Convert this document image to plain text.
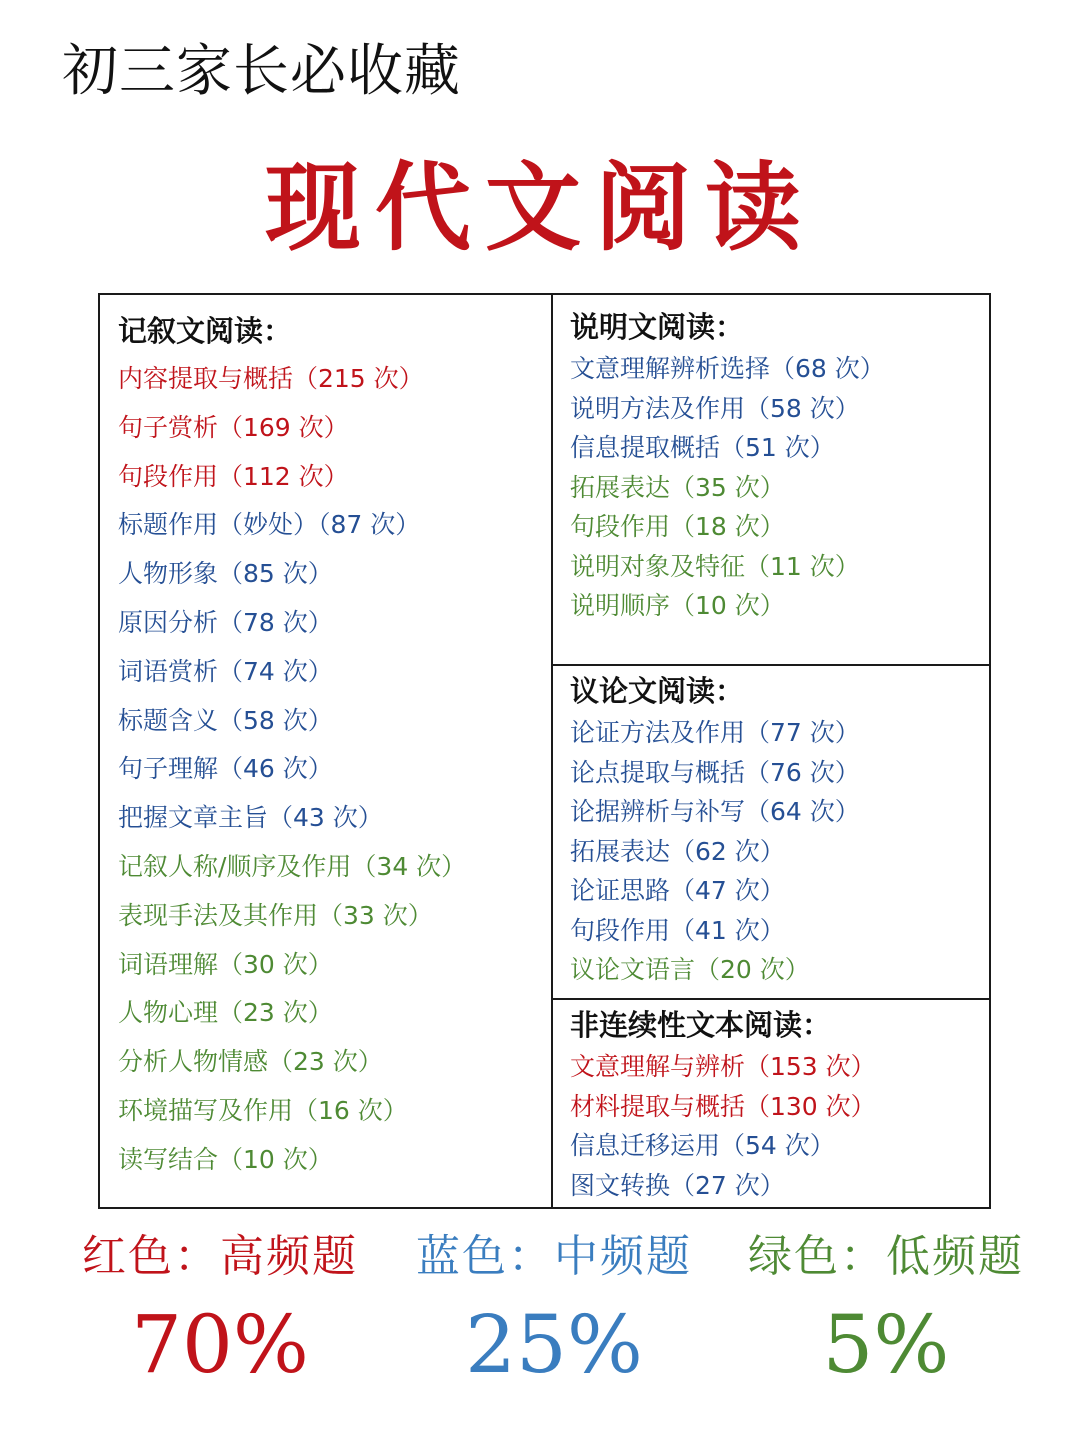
初三家长必收藏
现代文阅读
记叙文阅读：
内容提取与概括（215 次）
句子赏析（169 次）
句段作用（112 次）
标题作用（妙处）（87 次）
人物形象（85 次）
原因分析（78 次）
词语赏析（74 次）
标题含义（58 次）
句子理解（46 次）
把握文章主旨（43 次）
记叙人称/顺序及作用（34 次）
表现手法及其作用（33 次）
词语理解（30 次）
人物心理（23 次）
分析人物情感（23 次）
环境描写及作用（16 次）
读写结合（10 次）
说明文阅读：
文意理解辨析选择（68 次）
说明方法及作用（58 次）
信息提取概括（51 次）
拓展表达（35 次）
句段作用（18 次）
说明对象及特征（11 次）
说明顺序（10 次）
议论文阅读：
论证方法及作用（77 次）
论点提取与概括（76 次）
论据辨析与补写（64 次）
拓展表达（62 次）
论证思路（47 次）
句段作用（41 次）
议论文语言（20 次）
非连续性文本阅读：
文意理解与辨析（153 次）
材料提取与概括（130 次）
信息迁移运用（54 次）
图文转换（27 次）
红色：高频题
70%
蓝色：中频题
25%
绿色：低频题
5%
